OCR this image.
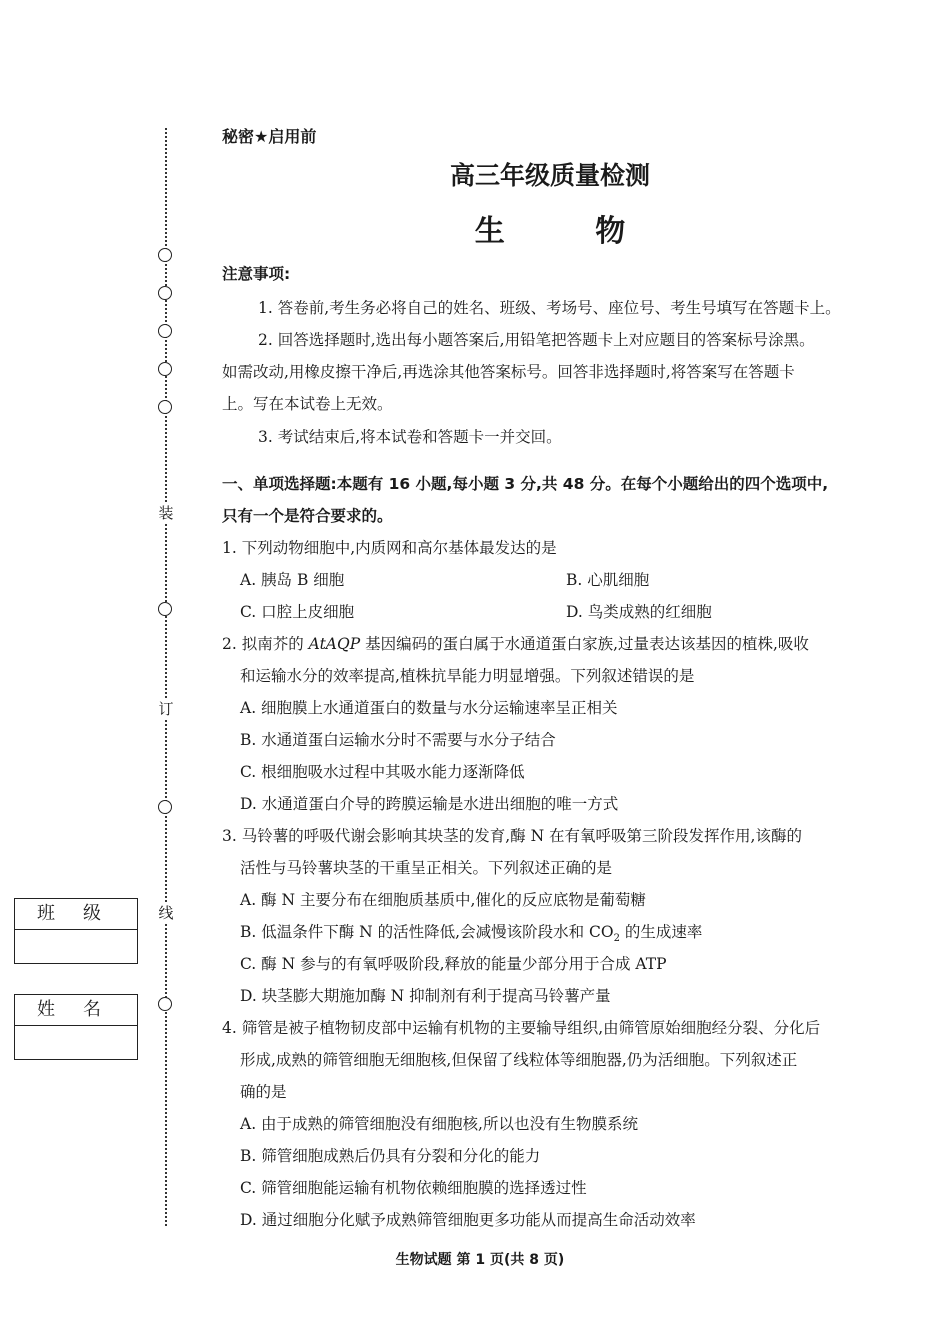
装
订
线
班级
姓名
秘密★启用前
高三年级质量检测
生 物
注意事项:
1. 答卷前,考生务必将自己的姓名、班级、考场号、座位号、考生号填写在答题卡上。
2. 回答选择题时,选出每小题答案后,用铅笔把答题卡上对应题目的答案标号涂黑。
如需改动,用橡皮擦干净后,再选涂其他答案标号。回答非选择题时,将答案写在答题卡
上。写在本试卷上无效。
3. 考试结束后,将本试卷和答题卡一并交回。
一、单项选择题:本题有 16 小题,每小题 3 分,共 48 分。在每个小题给出的四个选项中,
只有一个是符合要求的。
1. 下列动物细胞中,内质网和高尔基体最发达的是
A. 胰岛 B 细胞	B. 心肌细胞
C. 口腔上皮细胞	D. 鸟类成熟的红细胞
2. 拟南芥的 AtAQP 基因编码的蛋白属于水通道蛋白家族,过量表达该基因的植株,吸收
和运输水分的效率提高,植株抗旱能力明显增强。下列叙述错误的是
A. 细胞膜上水通道蛋白的数量与水分运输速率呈正相关
B. 水通道蛋白运输水分时不需要与水分子结合
C. 根细胞吸水过程中其吸水能力逐渐降低
D. 水通道蛋白介导的跨膜运输是水进出细胞的唯一方式
3. 马铃薯的呼吸代谢会影响其块茎的发育,酶 N 在有氧呼吸第三阶段发挥作用,该酶的
活性与马铃薯块茎的干重呈正相关。下列叙述正确的是
A. 酶 N 主要分布在细胞质基质中,催化的反应底物是葡萄糖
B. 低温条件下酶 N 的活性降低,会减慢该阶段水和 $CO_2$ 的生成速率
C. 酶 N 参与的有氧呼吸阶段,释放的能量少部分用于合成 ATP
D. 块茎膨大期施加酶 N 抑制剂有利于提高马铃薯产量
4. 筛管是被子植物韧皮部中运输有机物的主要输导组织,由筛管原始细胞经分裂、分化后
形成,成熟的筛管细胞无细胞核,但保留了线粒体等细胞器,仍为活细胞。下列叙述正
确的是
A. 由于成熟的筛管细胞没有细胞核,所以也没有生物膜系统
B. 筛管细胞成熟后仍具有分裂和分化的能力
C. 筛管细胞能运输有机物依赖细胞膜的选择透过性
D. 通过细胞分化赋予成熟筛管细胞更多功能从而提高生命活动效率
生物试题 第 1 页(共 8 页)
